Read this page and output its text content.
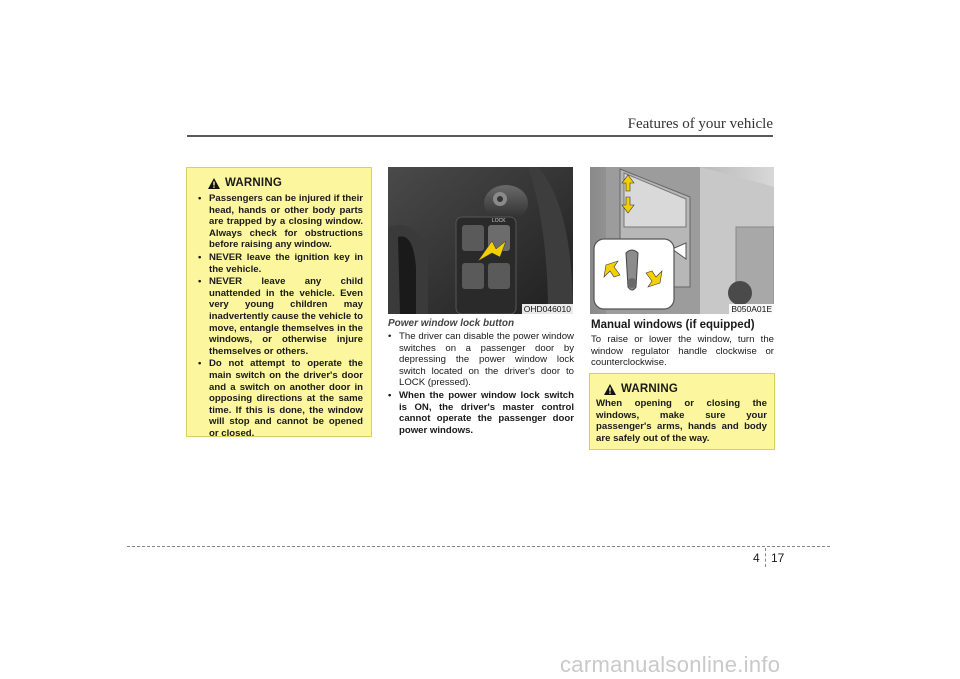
Features of your vehicle
WARNING
• Passengers can be injured if their head, hands or other body parts are trapped by a closing window. Always check for obstructions before raising any window.
• NEVER leave the ignition key in the vehicle.
• NEVER leave any child unattended in the vehicle. Even very young children may inadvertently cause the vehicle to move, entangle themselves in the windows, or otherwise injure themselves or others.
• Do not attempt to operate the main switch on the driver's door and a switch on another door in opposing directions at the same time. If this is done, the window will stop and cannot be opened or closed.
LOCK
OHD046010
Power window lock button
• The driver can disable the power window switches on a passenger door by depressing the power window lock switch located on the driver's door to LOCK (pressed).
• When the power window lock switch is ON, the driver's master control cannot operate the passenger door power windows.
B050A01E
Manual windows (if equipped)
To raise or lower the window, turn the window regulator handle clockwise or counterclockwise.
WARNING
When opening or closing the windows, make sure your passenger's arms, hands and body are safely out of the way.
4 17
carmanualsonline.info
